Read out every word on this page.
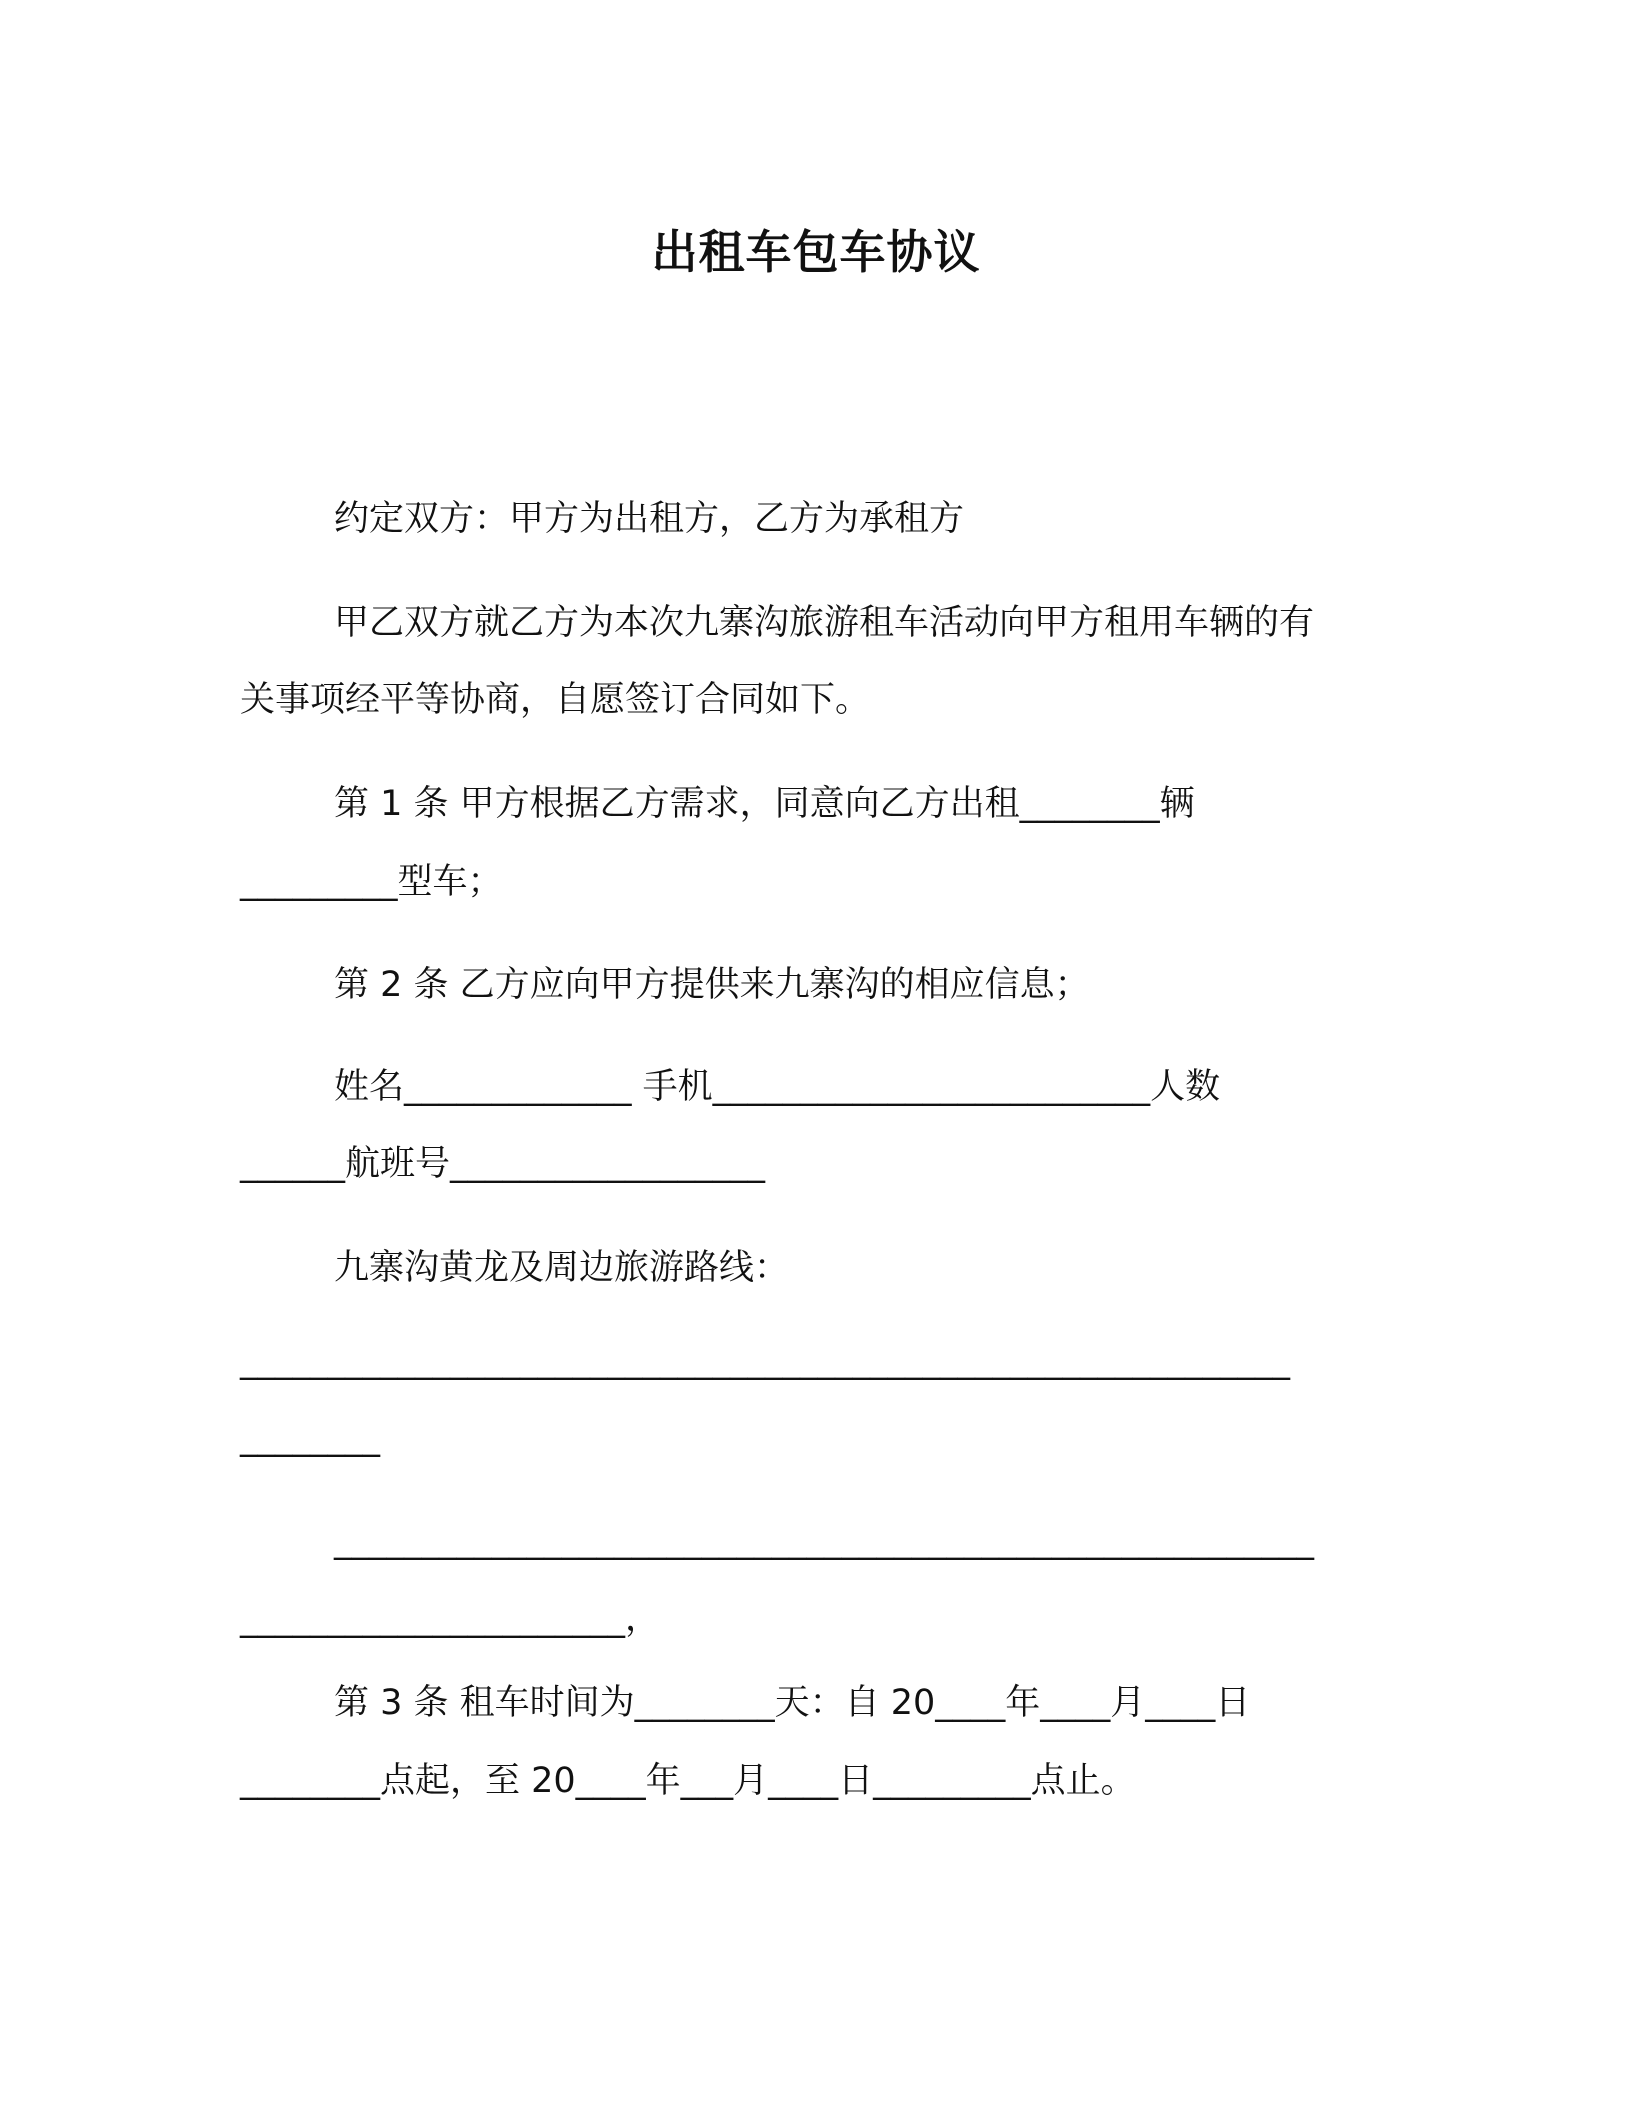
出租车包车协议

约定双方：甲方为出租方，乙方为承租方

甲乙双方就乙方为本次九寨沟旅游租车活动向甲方租用车辆的有

关事项经平等协商，自愿签订合同如下。

第 1 条 甲方根据乙方需求，同意向乙方出租________辆

_________型车；

第 2 条 乙方应向甲方提供来九寨沟的相应信息；

姓名_____________ 手机_________________________人数

______航班号__________________

九寨沟黄龙及周边旅游路线：

____________________________________________________________

________

________________________________________________________

______________________，

第 3 条 租车时间为________天：自 20____年____月____日

________点起，至 20____年___月____日_________点止。
